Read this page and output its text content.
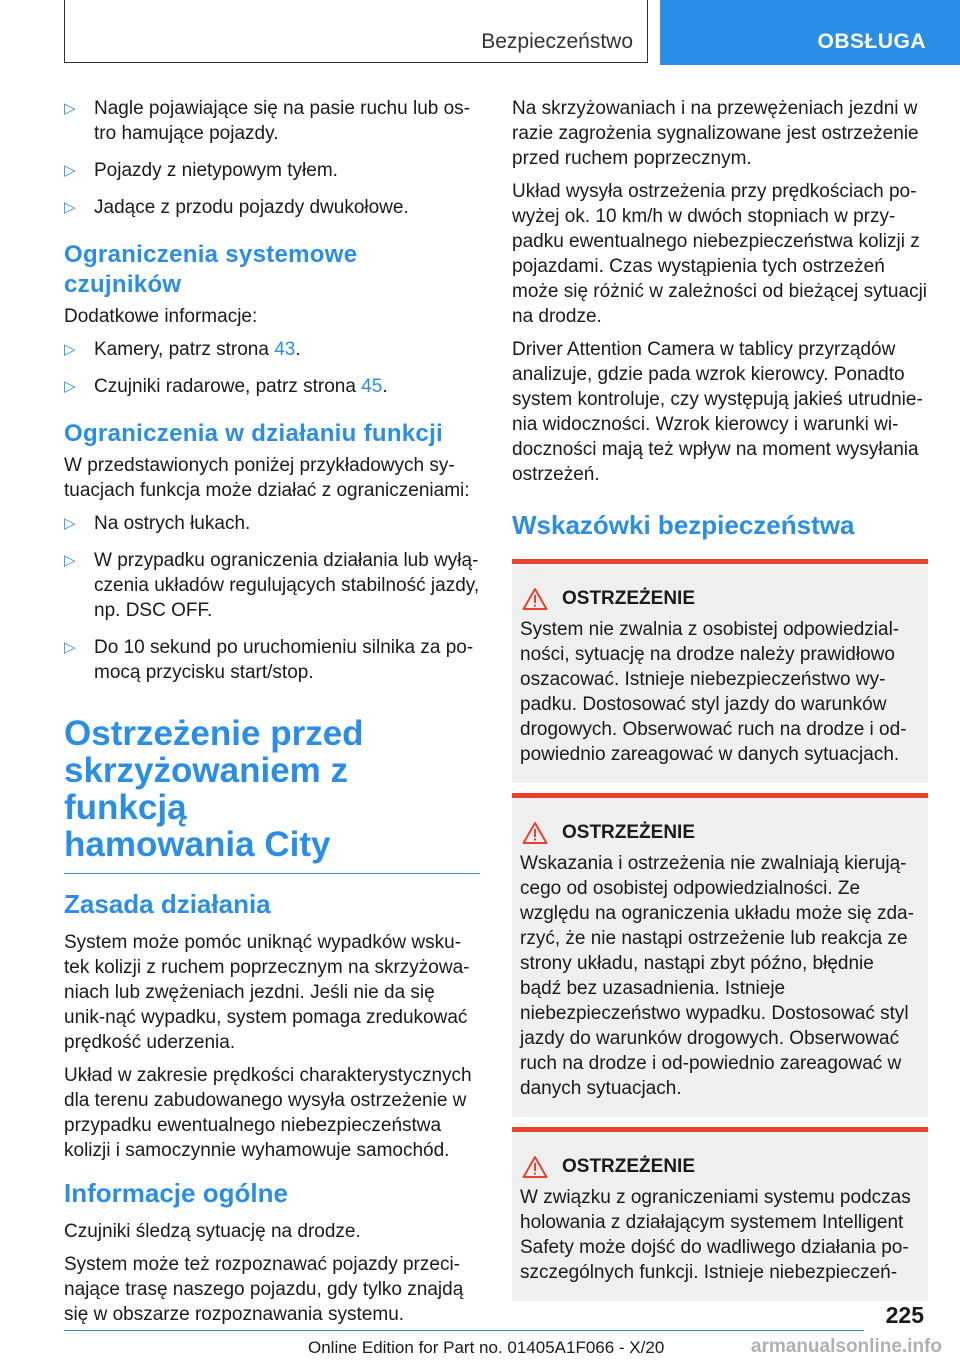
Bezpieczeństwo	OBSŁUGA
▷ Nagle pojawiające się na pasie ruchu lub os-tro hamujące pojazdy.
▷ Pojazdy z nietypowym tyłem.
▷ Jadące z przodu pojazdy dwukołowe.
Ograniczenia systemowe czujników

Dodatkowe informacje:

▷ Kamery, patrz strona 43.
▷ Czujniki radarowe, patrz strona 45.
Ograniczenia w działaniu funkcji

W przedstawionych poniżej przykładowych sy-tuacjach funkcja może działać z ograniczeniami:

▷ Na ostrych łukach.
▷ W przypadku ograniczenia działania lub wyłą-czenia układów regulujących stabilność jazdy, np. DSC OFF.
▷ Do 10 sekund po uruchomieniu silnika za po-mocą przycisku start/stop.
Ostrzeżenie przed
skrzyżowaniem z funkcją
hamowania City
Zasada działania

System może pomóc uniknąć wypadków wsku-tek kolizji z ruchem poprzecznym na skrzyżowa-niach lub zwężeniach jezdni. Jeśli nie da się unik-nąć wypadku, system pomaga zredukować prędkość uderzenia.

Układ w zakresie prędkości charakterystycznych dla terenu zabudowanego wysyła ostrzeżenie w przypadku ewentualnego niebezpieczeństwa kolizji i samoczynnie wyhamowuje samochód.

Informacje ogólne

Czujniki śledzą sytuację na drodze.

System może też rozpoznawać pojazdy przeci-nające trasę naszego pojazdu, gdy tylko znajdą się w obszarze rozpoznawania systemu.

Na skrzyżowaniach i na przewężeniach jezdni w razie zagrożenia sygnalizowane jest ostrzeżenie przed ruchem poprzecznym.

Układ wysyła ostrzeżenia przy prędkościach po-wyżej ok. 10 km/h w dwóch stopniach w przy-padku ewentualnego niebezpieczeństwa kolizji z pojazdami. Czas wystąpienia tych ostrzeżeń może się różnić w zależności od bieżącej sytuacji na drodze.

Driver Attention Camera w tablicy przyrządów analizuje, gdzie pada wzrok kierowcy. Ponadto system kontroluje, czy występują jakieś utrudnie-nia widoczności. Wzrok kierowcy i warunki wi-doczności mają też wpływ na moment wysyłania ostrzeżeń.

Wskazówki bezpieczeństwa
OSTRZEŻENIE
System nie zwalnia z osobistej odpowiedzial-ności, sytuację na drodze należy prawidłowo oszacować. Istnieje niebezpieczeństwo wy-padku. Dostosować styl jazdy do warunków drogowych. Obserwować ruch na drodze i od-powiednio zareagować w danych sytuacjach.
OSTRZEŻENIE
Wskazania i ostrzeżenia nie zwalniają kierują-cego od osobistej odpowiedzialności. Ze względu na ograniczenia układu może się zda-rzyć, że nie nastąpi ostrzeżenie lub reakcja ze strony układu, nastąpi zbyt późno, błędnie bądź bez uzasadnienia. Istnieje niebezpieczeństwo wypadku. Dostosować styl jazdy do warunków drogowych. Obserwować ruch na drodze i od-powiednio zareagować w danych sytuacjach.
OSTRZEŻENIE
W związku z ograniczeniami systemu podczas holowania z działającym systemem Intelligent Safety może dojść do wadliwego działania po-szczególnych funkcji. Istnieje niebezpieczeń-
225
Online Edition for Part no. 01405A1F066 - X/20	armanualsonline.info
